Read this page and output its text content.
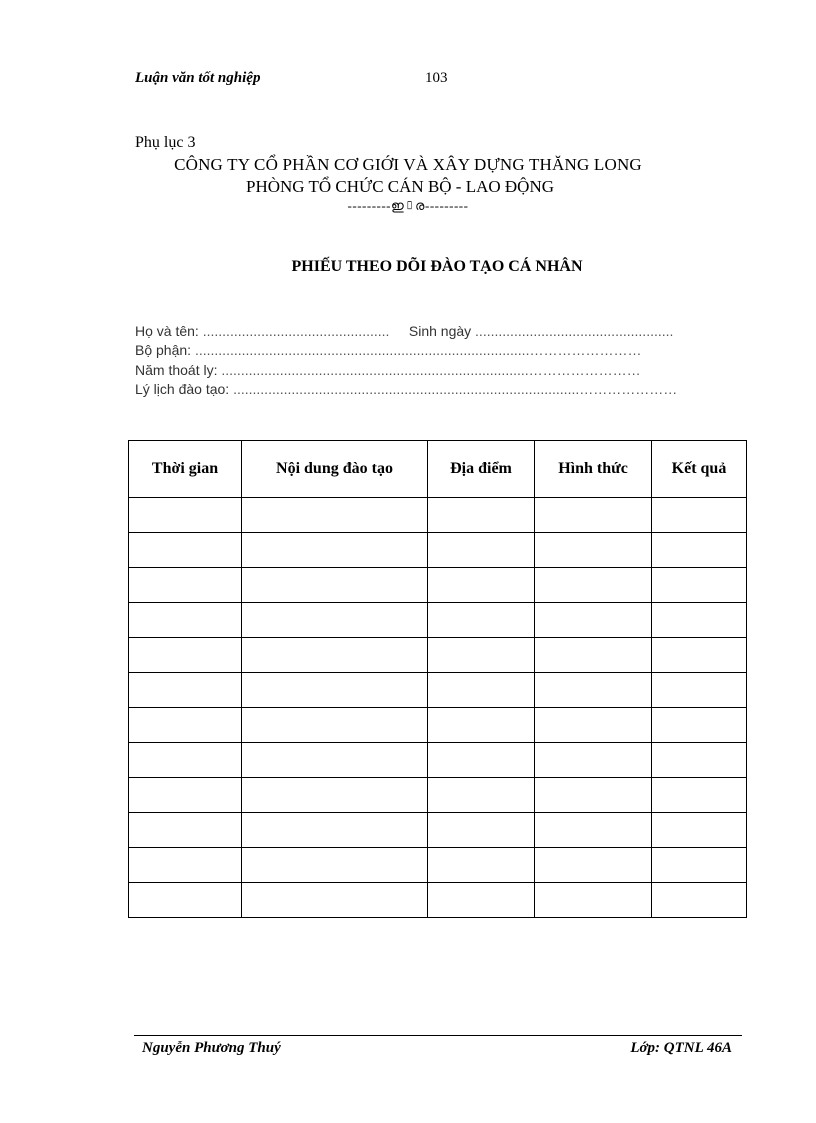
Luận văn tốt nghiệp	103
Phụ lục 3
CÔNG TY CỔ PHẦN CƠ GIỚI VÀ XÂY DỰNG THĂNG LONG
PHÒNG TỔ CHỨC CÁN BỘ - LAO ĐỘNG
---------ഇ▯ര---------
PHIẾU THEO DÕI ĐÀO TẠO CÁ NHÂN
Họ và tên: ................................................ Sinh ngày ...................................................
Bộ phận: ......................................................................................……………………
Năm thoát ly: ...............................................................................……………………
Lý lịch đào tạo: .........................................................................................…………………
Thời gian	Nội dung đào tạo	Địa điểm	Hình thức	Kết quả

Nguyễn Phương Thuý	Lớp: QTNL 46A
